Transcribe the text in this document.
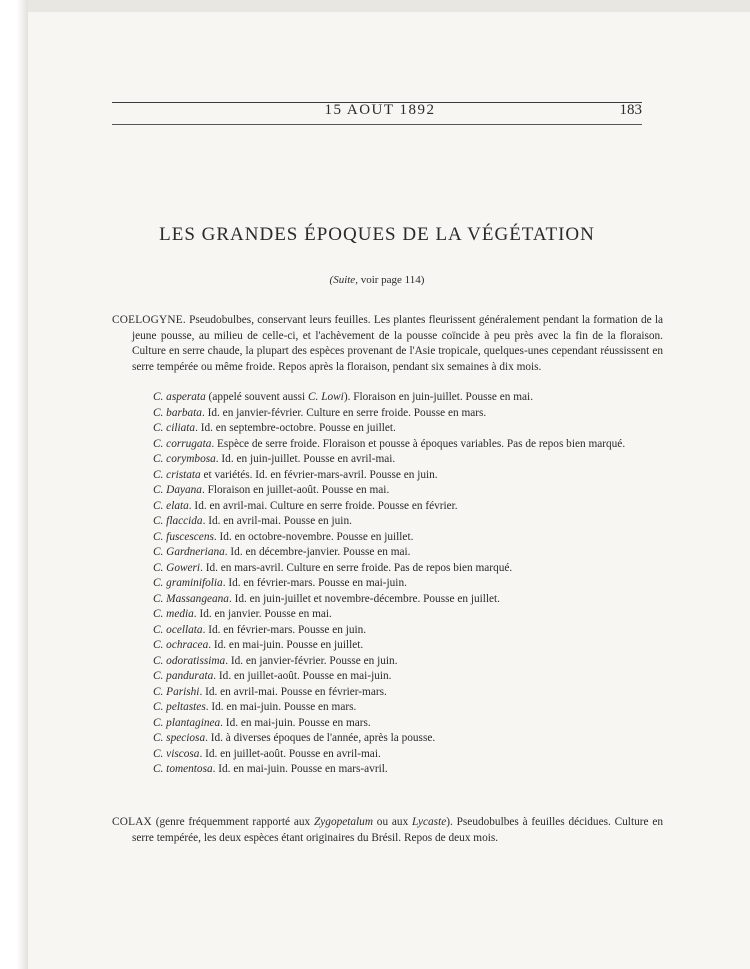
15 AOUT 1892	183
LES GRANDES ÉPOQUES DE LA VÉGÉTATION
(Suite, voir page 114)
COELOGYNE. Pseudobulbes, conservant leurs feuilles. Les plantes fleurissent généralement pendant la formation de la jeune pousse, au milieu de celle-ci, et l'achèvement de la pousse coïncide à peu près avec la fin de la floraison. Culture en serre chaude, la plupart des espèces provenant de l'Asie tropicale, quelques-unes cependant réussissent en serre tempérée ou même froide. Repos après la floraison, pendant six semaines à dix mois.
C. asperata (appelé souvent aussi C. Lowi). Floraison en juin-juillet. Pousse en mai.
C. barbata. Id. en janvier-février. Culture en serre froide. Pousse en mars.
C. ciliata. Id. en septembre-octobre. Pousse en juillet.
C. corrugata. Espèce de serre froide. Floraison et pousse à époques variables. Pas de repos bien marqué.
C. corymbosa. Id. en juin-juillet. Pousse en avril-mai.
C. cristata et variétés. Id. en février-mars-avril. Pousse en juin.
C. Dayana. Floraison en juillet-août. Pousse en mai.
C. elata. Id. en avril-mai. Culture en serre froide. Pousse en février.
C. flaccida. Id. en avril-mai. Pousse en juin.
C. fuscescens. Id. en octobre-novembre. Pousse en juillet.
C. Gardneriana. Id. en décembre-janvier. Pousse en mai.
C. Goweri. Id. en mars-avril. Culture en serre froide. Pas de repos bien marqué.
C. graminifolia. Id. en février-mars. Pousse en mai-juin.
C. Massangeana. Id. en juin-juillet et novembre-décembre. Pousse en juillet.
C. media. Id. en janvier. Pousse en mai.
C. ocellata. Id. en février-mars. Pousse en juin.
C. ochracea. Id. en mai-juin. Pousse en juillet.
C. odoratissima. Id. en janvier-février. Pousse en juin.
C. pandurata. Id. en juillet-août. Pousse en mai-juin.
C. Parishi. Id. en avril-mai. Pousse en février-mars.
C. peltastes. Id. en mai-juin. Pousse en mars.
C. plantaginea. Id. en mai-juin. Pousse en mars.
C. speciosa. Id. à diverses époques de l'année, après la pousse.
C. viscosa. Id. en juillet-août. Pousse en avril-mai.
C. tomentosa. Id. en mai-juin. Pousse en mars-avril.
COLAX (genre fréquemment rapporté aux Zygopetalum ou aux Lycaste). Pseudobulbes à feuilles décidues. Culture en serre tempérée, les deux espèces étant originaires du Brésil. Repos de deux mois.
